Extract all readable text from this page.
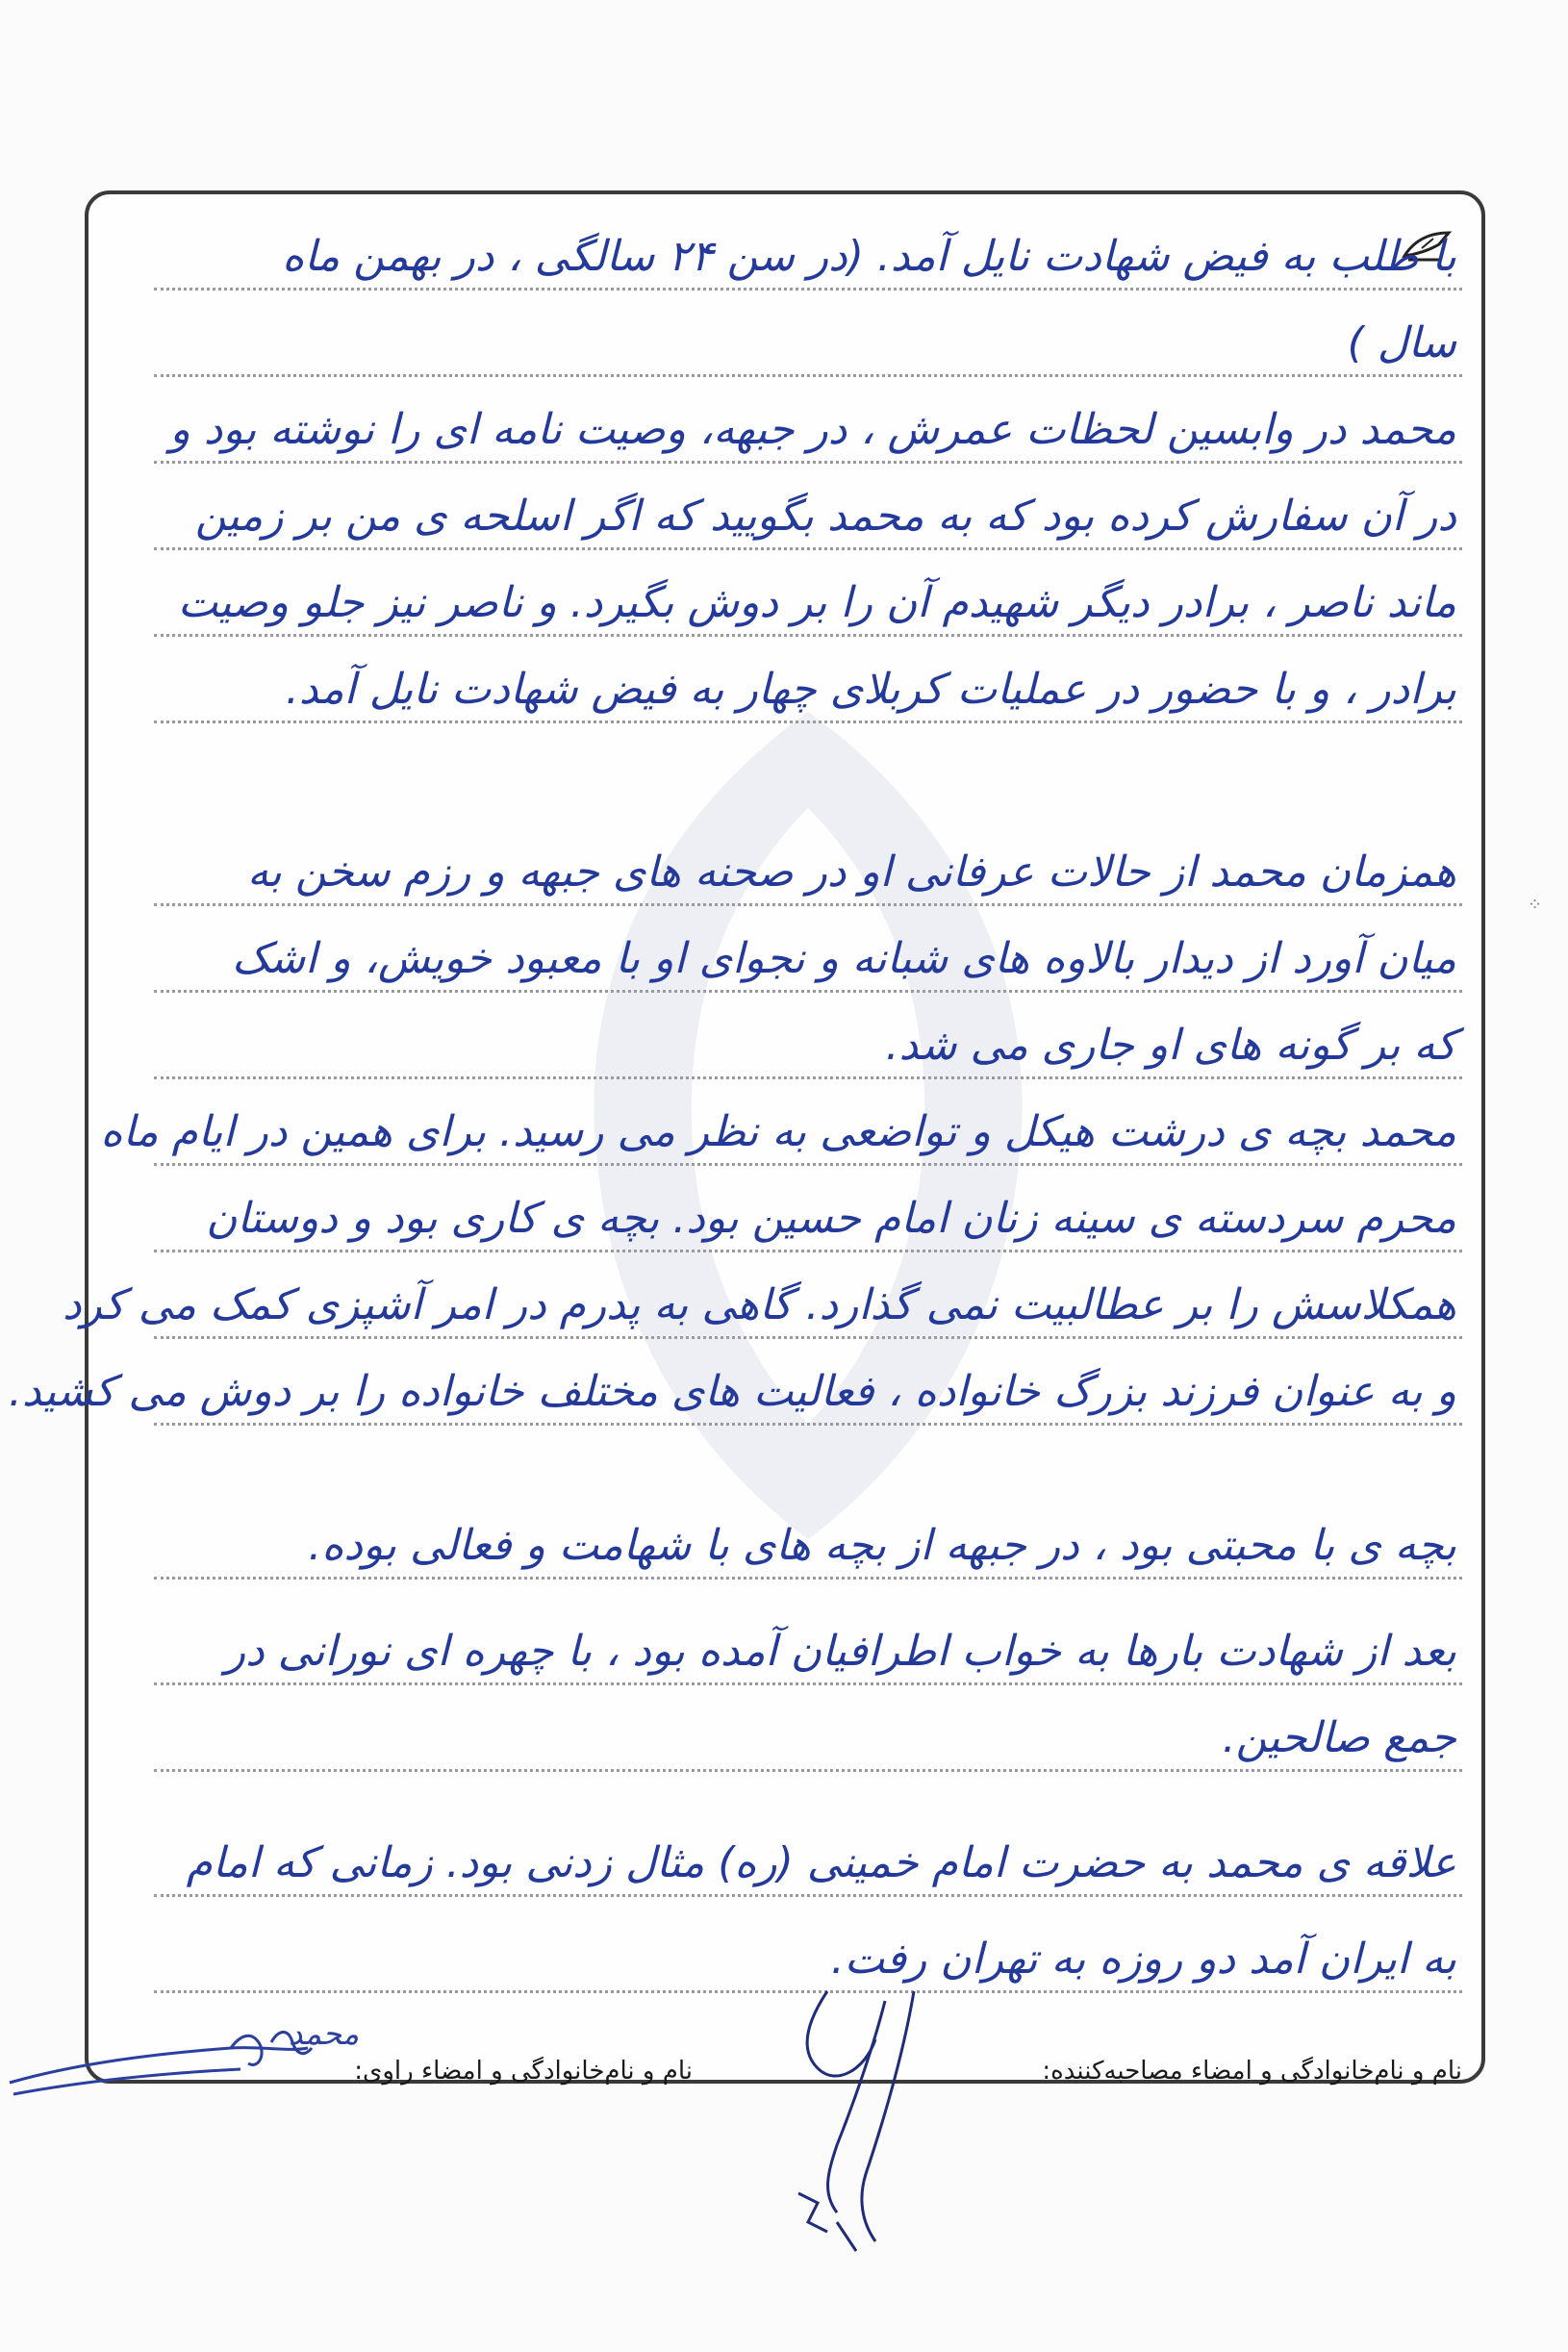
با طلب به فیض شهادت نایل آمد. (در سن ۲۴ سالگی ، در بهمن ماه
سال )
محمد در وابسین لحظات عمرش ، در جبهه، وصیت نامه ای را نوشته بود و
در آن سفارش کرده بود که به محمد بگویید که اگر اسلحه ی من بر زمین
ماند ناصر ، برادر دیگر شهیدم آن را بر دوش بگیرد. و ناصر نیز جلو وصیت
برادر ، و با حضور در عملیات کربلای چهار به فیض شهادت نایل آمد.
همزمان محمد از حالات عرفانی او در صحنه های جبهه و رزم سخن به
میان آورد از دیدار بالاوه های شبانه و نجوای او با معبود خویش، و اشک
که بر گونه های او جاری می شد.
محمد بچه ی درشت هیکل و تواضعی به نظر می رسید. برای همین در ایام ماه
محرم سردسته ی سینه زنان امام حسین بود. بچه ی کاری بود و دوستان
همکلاسش را بر عطالبیت نمی گذارد. گاهی به پدرم در امر آشپزی کمک می کرد
و به عنوان فرزند بزرگ خانواده ، فعالیت های مختلف خانواده را بر دوش می کشید.
بچه ی با محبتی بود ، در جبهه از بچه های با شهامت و فعالی بوده.
بعد از شهادت بارها به خواب اطرافیان آمده بود ، با چهره ای نورانی در
جمع صالحین.
علاقه ی محمد به حضرت امام خمینی (ره) مثال زدنی بود. زمانی که امام
به ایران آمد دو روزه به تهران رفت.
نام و نام‌خانوادگی و امضاء مصاحبه‌کننده:
نام و نام‌خانوادگی و امضاء راوی:
محمد
⁘
